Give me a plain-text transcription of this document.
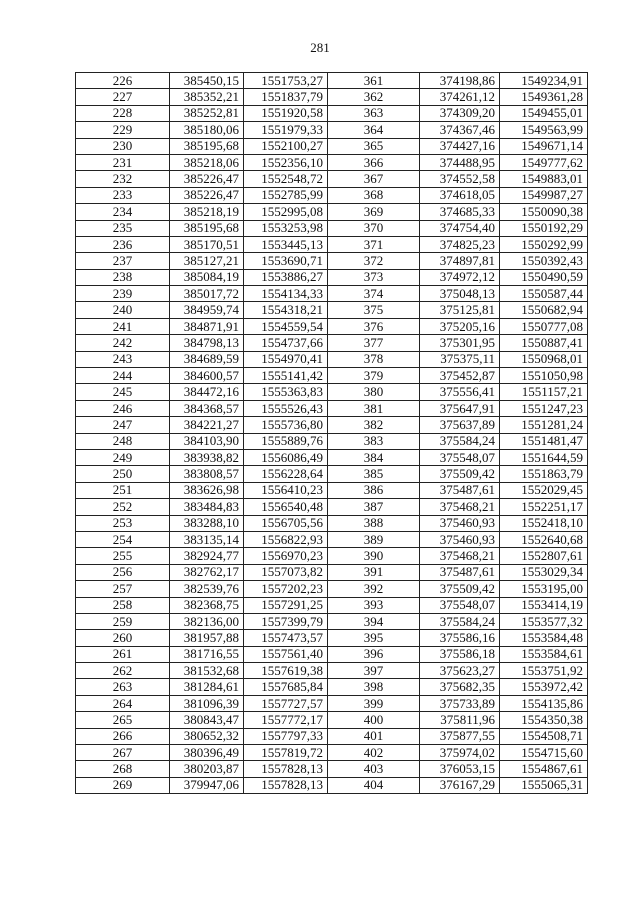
281
226	385450,15	1551753,27	361	374198,86	1549234,91
227	385352,21	1551837,79	362	374261,12	1549361,28
228	385252,81	1551920,58	363	374309,20	1549455,01
229	385180,06	1551979,33	364	374367,46	1549563,99
230	385195,68	1552100,27	365	374427,16	1549671,14
231	385218,06	1552356,10	366	374488,95	1549777,62
232	385226,47	1552548,72	367	374552,58	1549883,01
233	385226,47	1552785,99	368	374618,05	1549987,27
234	385218,19	1552995,08	369	374685,33	1550090,38
235	385195,68	1553253,98	370	374754,40	1550192,29
236	385170,51	1553445,13	371	374825,23	1550292,99
237	385127,21	1553690,71	372	374897,81	1550392,43
238	385084,19	1553886,27	373	374972,12	1550490,59
239	385017,72	1554134,33	374	375048,13	1550587,44
240	384959,74	1554318,21	375	375125,81	1550682,94
241	384871,91	1554559,54	376	375205,16	1550777,08
242	384798,13	1554737,66	377	375301,95	1550887,41
243	384689,59	1554970,41	378	375375,11	1550968,01
244	384600,57	1555141,42	379	375452,87	1551050,98
245	384472,16	1555363,83	380	375556,41	1551157,21
246	384368,57	1555526,43	381	375647,91	1551247,23
247	384221,27	1555736,80	382	375637,89	1551281,24
248	384103,90	1555889,76	383	375584,24	1551481,47
249	383938,82	1556086,49	384	375548,07	1551644,59
250	383808,57	1556228,64	385	375509,42	1551863,79
251	383626,98	1556410,23	386	375487,61	1552029,45
252	383484,83	1556540,48	387	375468,21	1552251,17
253	383288,10	1556705,56	388	375460,93	1552418,10
254	383135,14	1556822,93	389	375460,93	1552640,68
255	382924,77	1556970,23	390	375468,21	1552807,61
256	382762,17	1557073,82	391	375487,61	1553029,34
257	382539,76	1557202,23	392	375509,42	1553195,00
258	382368,75	1557291,25	393	375548,07	1553414,19
259	382136,00	1557399,79	394	375584,24	1553577,32
260	381957,88	1557473,57	395	375586,16	1553584,48
261	381716,55	1557561,40	396	375586,18	1553584,61
262	381532,68	1557619,38	397	375623,27	1553751,92
263	381284,61	1557685,84	398	375682,35	1553972,42
264	381096,39	1557727,57	399	375733,89	1554135,86
265	380843,47	1557772,17	400	375811,96	1554350,38
266	380652,32	1557797,33	401	375877,55	1554508,71
267	380396,49	1557819,72	402	375974,02	1554715,60
268	380203,87	1557828,13	403	376053,15	1554867,61
269	379947,06	1557828,13	404	376167,29	1555065,31
